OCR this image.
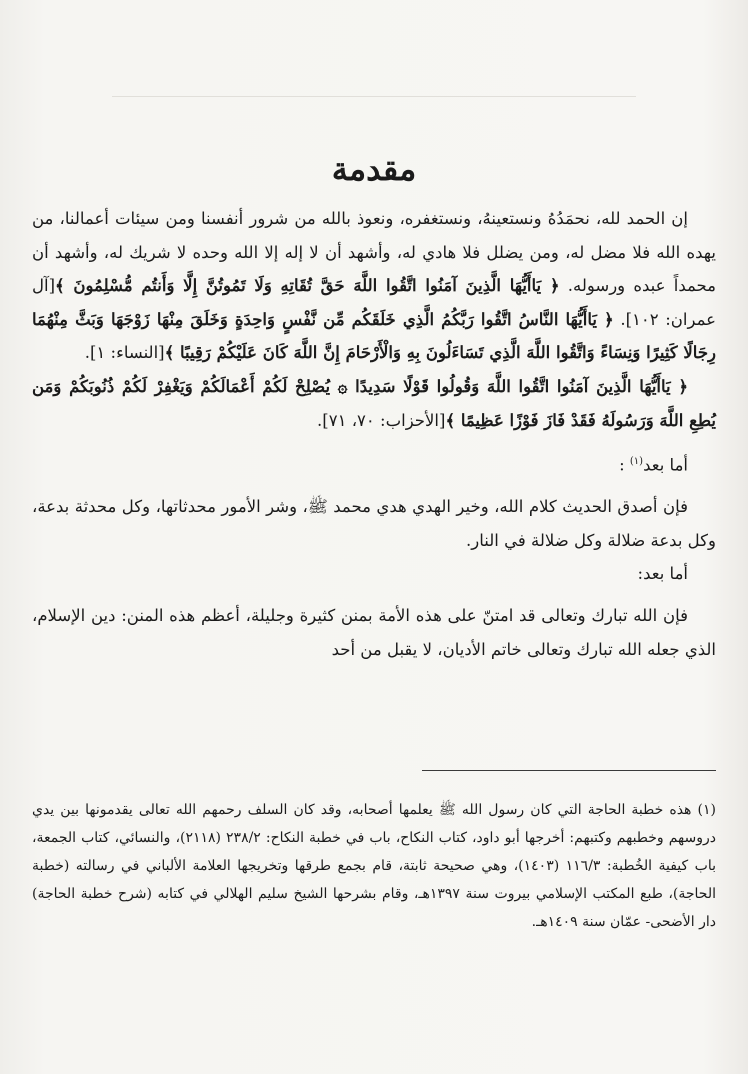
مقدمة

إن الحمد لله، نحمَدُهُ ونستعينهُ، ونستغفره، ونعوذ بالله من شرور أنفسنا ومن سيئات أعمالنا، من يهده الله فلا مضل له، ومن يضلل فلا هادي له، وأشهد أن لا إله إلا الله وحده لا شريك له، وأشهد أن محمداً عبده ورسوله. ﴿ يَاأَيُّهَا الَّذِينَ آمَنُوا اتَّقُوا اللَّهَ حَقَّ تُقَاتِهِ وَلَا تَمُوتُنَّ إِلَّا وَأَنتُم مُّسْلِمُونَ ﴾[آل عمران: ١٠٢]. ﴿ يَاأَيُّهَا النَّاسُ اتَّقُوا رَبَّكُمُ الَّذِي خَلَقَكُم مِّن نَّفْسٍ وَاحِدَةٍ وَخَلَقَ مِنْهَا زَوْجَهَا وَبَثَّ مِنْهُمَا رِجَالًا كَثِيرًا وَنِسَاءً وَاتَّقُوا اللَّهَ الَّذِي تَسَاءَلُونَ بِهِ وَالْأَرْحَامَ إِنَّ اللَّهَ كَانَ عَلَيْكُمْ رَقِيبًا ﴾[النساء: ١].

﴿ يَاأَيُّهَا الَّذِينَ آمَنُوا اتَّقُوا اللَّهَ وَقُولُوا قَوْلًا سَدِيدًا ۞ يُصْلِحْ لَكُمْ أَعْمَالَكُمْ وَيَغْفِرْ لَكُمْ ذُنُوبَكُمْ وَمَن يُطِعِ اللَّهَ وَرَسُولَهُ فَقَدْ فَازَ فَوْزًا عَظِيمًا ﴾[الأحزاب: ٧٠، ٧١].

أما بعد$^{(١)}$ :

فإن أصدق الحديث كلام الله، وخير الهدي هدي محمد ﷺ، وشر الأمور محدثاتها، وكل محدثة بدعة، وكل بدعة ضلالة وكل ضلالة في النار.

أما بعد:

فإن الله تبارك وتعالى قد امتنّ على هذه الأمة بمنن كثيرة وجليلة، أعظم هذه المنن: دين الإسلام، الذي جعله الله تبارك وتعالى خاتم الأديان، لا يقبل من أحد

(١) هذه خطبة الحاجة التي كان رسول الله ﷺ يعلمها أصحابه، وقد كان السلف رحمهم الله تعالى يقدمونها بين يدي دروسهم وخطبهم وكتبهم: أخرجها أبو داود، كتاب النكاح، باب في خطبة النكاح: ٢٣٨/٢ (٢١١٨)، والنسائي، كتاب الجمعة، باب كيفية الخُطبة: ١١٦/٣ (١٤٠٣)، وهي صحيحة ثابتة، قام بجمع طرقها وتخريجها العلامة الألباني في رسالته (خطبة الحاجة)، طبع المكتب الإسلامي بيروت سنة ١٣٩٧هـ، وقام بشرحها الشيخ سليم الهلالي في كتابه (شرح خطبة الحاجة) دار الأضحى- عمّان سنة ١٤٠٩هـ.
